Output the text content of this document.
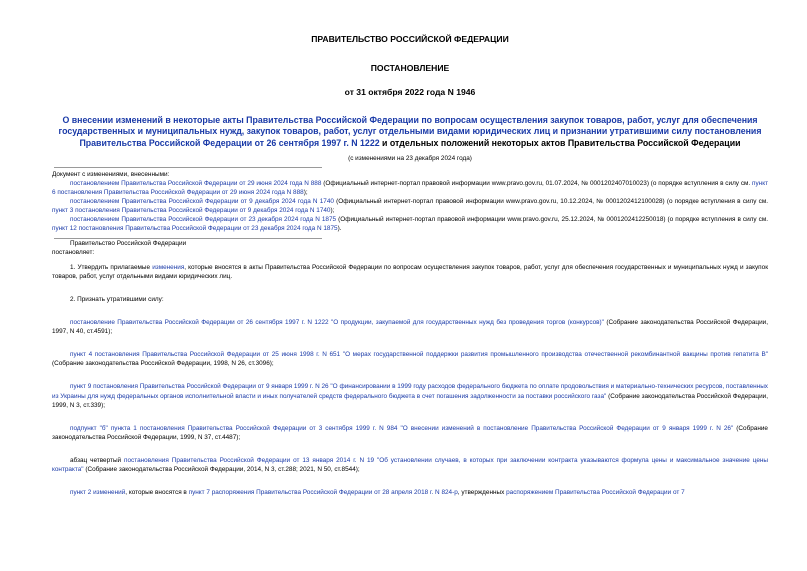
ПРАВИТЕЛЬСТВО РОССИЙСКОЙ ФЕДЕРАЦИИ
ПОСТАНОВЛЕНИЕ
от 31 октября 2022 года N 1946
О внесении изменений в некоторые акты Правительства Российской Федерации по вопросам осуществления закупок товаров, работ, услуг для обеспечения государственных и муниципальных нужд, закупок товаров, работ, услуг отдельными видами юридических лиц и признании утратившими силу постановления Правительства Российской Федерации от 26 сентября 1997 г. N 1222 и отдельных положений некоторых актов Правительства Российской Федерации
(с изменениями на 23 декабря 2024 года)

Документ с изменениями, внесенными:

постановлением Правительства Российской Федерации от 29 июня 2024 года N 888 (Официальный интернет-портал правовой информации www.pravo.gov.ru, 01.07.2024, № 0001202407010023) (о порядке вступления в силу см. пункт 6 постановления Правительства Российской Федерации от 29 июня 2024 года N 888);

постановлением Правительства Российской Федерации от 9 декабря 2024 года N 1740 (Официальный интернет-портал правовой информации www.pravo.gov.ru, 10.12.2024, № 0001202412100028) (о порядке вступления в силу см. пункт 3 постановления Правительства Российской Федерации от 9 декабря 2024 года N 1740);

постановлением Правительства Российской Федерации от 23 декабря 2024 года N 1875 (Официальный интернет-портал правовой информации www.pravo.gov.ru, 25.12.2024, № 0001202412250018) (о порядке вступления в силу см. пункт 12 постановления Правительства Российской Федерации от 23 декабря 2024 года N 1875).

Правительство Российской Федерации

постановляет:

1. Утвердить прилагаемые изменения, которые вносятся в акты Правительства Российской Федерации по вопросам осуществления закупок товаров, работ, услуг для обеспечения государственных и муниципальных нужд и закупок товаров, работ, услуг отдельными видами юридических лиц.

2. Признать утратившими силу:

постановление Правительства Российской Федерации от 26 сентября 1997 г. N 1222 "О продукции, закупаемой для государственных нужд без проведения торгов (конкурсов)" (Собрание законодательства Российской Федерации, 1997, N 40, ст.4591);

пункт 4 постановления Правительства Российской Федерации от 25 июня 1998 г. N 651 "О мерах государственной поддержки развития промышленного производства отечественной рекомбинантной вакцины против гепатита B" (Собрание законодательства Российской Федерации, 1998, N 26, ст.3096);

пункт 9 постановления Правительства Российской Федерации от 9 января 1999 г. N 26 "О финансировании в 1999 году расходов федерального бюджета по оплате продовольствия и материально-технических ресурсов, поставленных из Украины для нужд федеральных органов исполнительной власти и иных получателей средств федерального бюджета в счет погашения задолженности за поставки российского газа" (Собрание законодательства Российской Федерации, 1999, N 3, ст.339);

подпункт "б" пункта 1 постановления Правительства Российской Федерации от 3 сентября 1999 г. N 984 "О внесении изменений в постановление Правительства Российской Федерации от 9 января 1999 г. N 26" (Собрание законодательства Российской Федерации, 1999, N 37, ст.4487);

абзац четвертый постановления Правительства Российской Федерации от 13 января 2014 г. N 19 "Об установлении случаев, в которых при заключении контракта указываются формула цены и максимальное значение цены контракта" (Собрание законодательства Российской Федерации, 2014, N 3, ст.288; 2021, N 50, ст.8544);

пункт 2 изменений, которые вносятся в пункт 7 распоряжения Правительства Российской Федерации от 28 апреля 2018 г. N 824-р, утвержденных распоряжением Правительства Российской Федерации от 7
